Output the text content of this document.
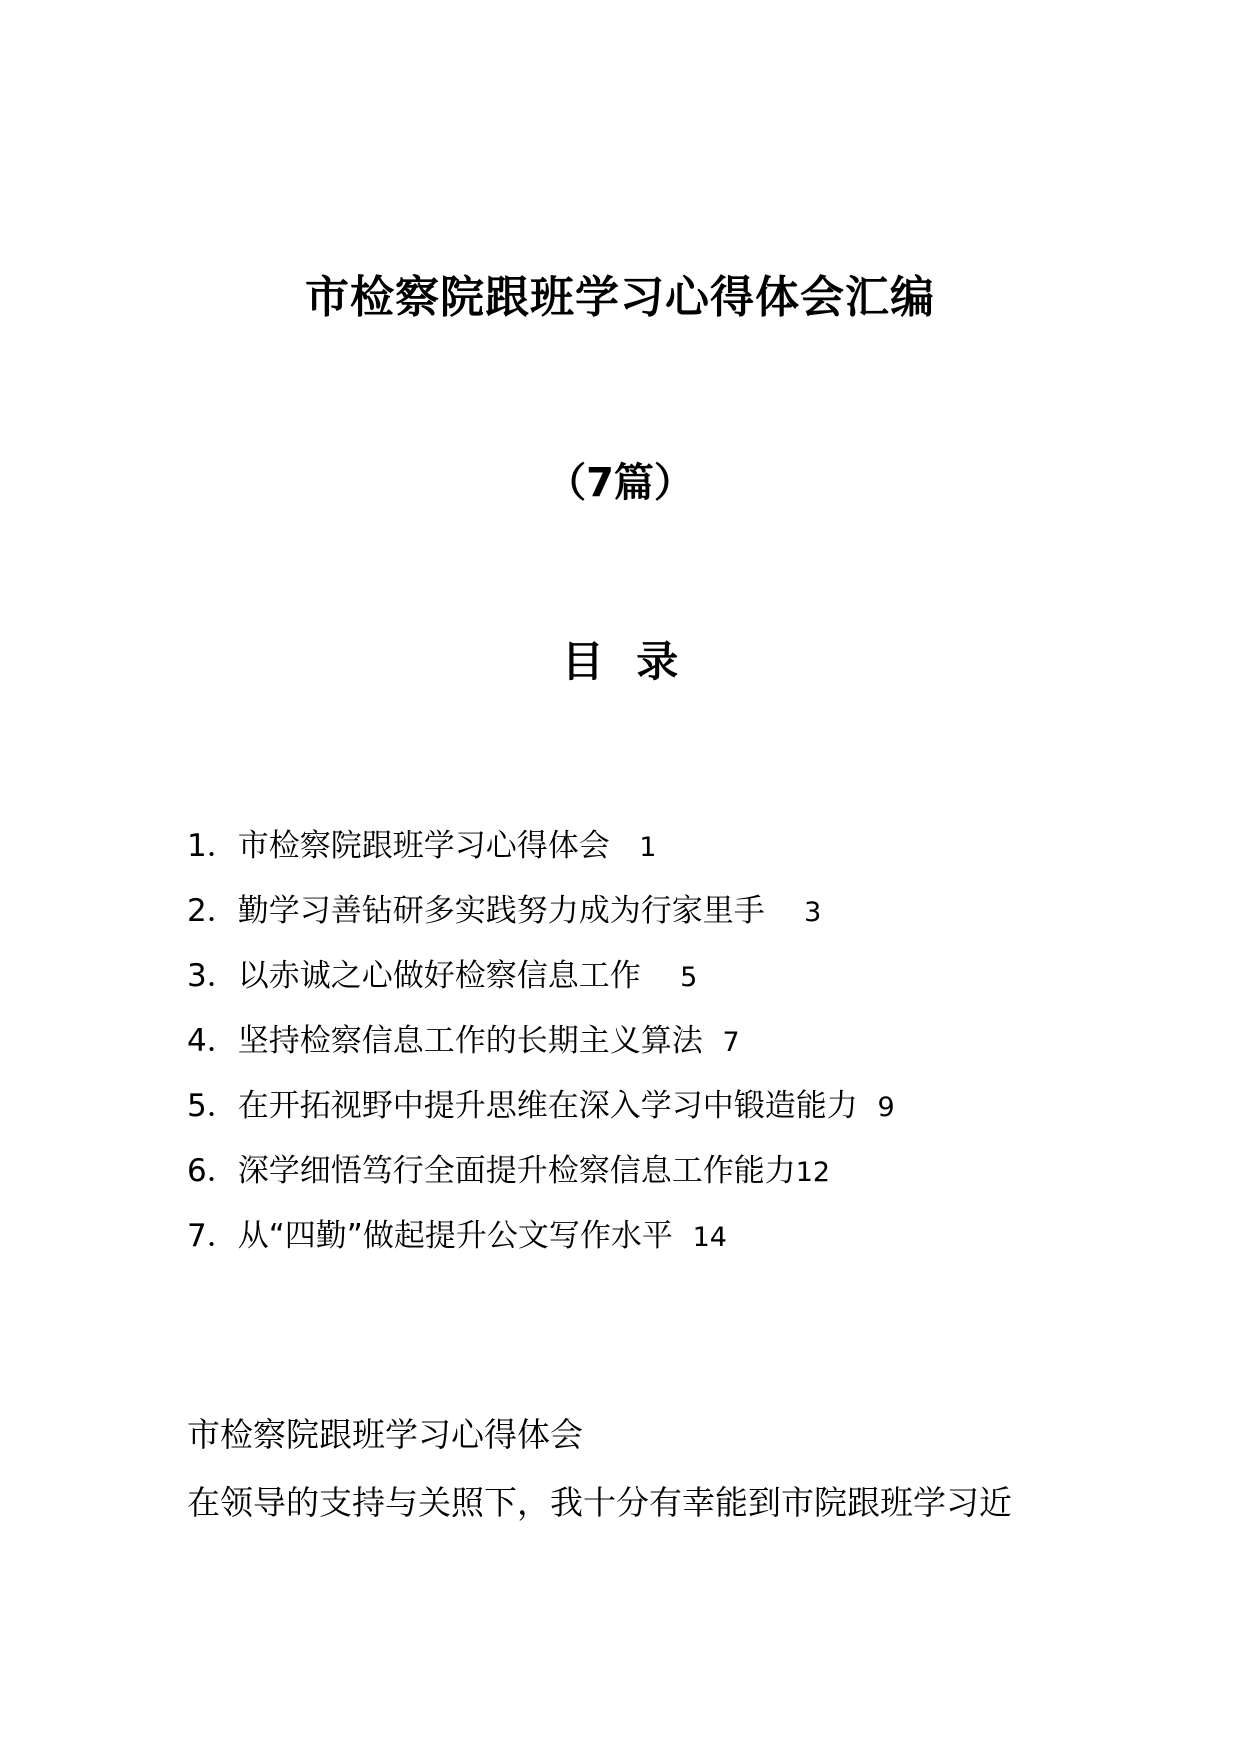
市检察院跟班学习心得体会汇编
（7篇）
目 录
1．市检察院跟班学习心得体会 1
2．勤学习善钻研多实践努力成为行家里手 3
3．以赤诚之心做好检察信息工作 5
4．坚持检察信息工作的长期主义算法 7
5．在开拓视野中提升思维在深入学习中锻造能力 9
6．深学细悟笃行全面提升检察信息工作能力12
7．从“四勤”做起提升公文写作水平 14
市检察院跟班学习心得体会
在领导的支持与关照下，我十分有幸能到市院跟班学习近
